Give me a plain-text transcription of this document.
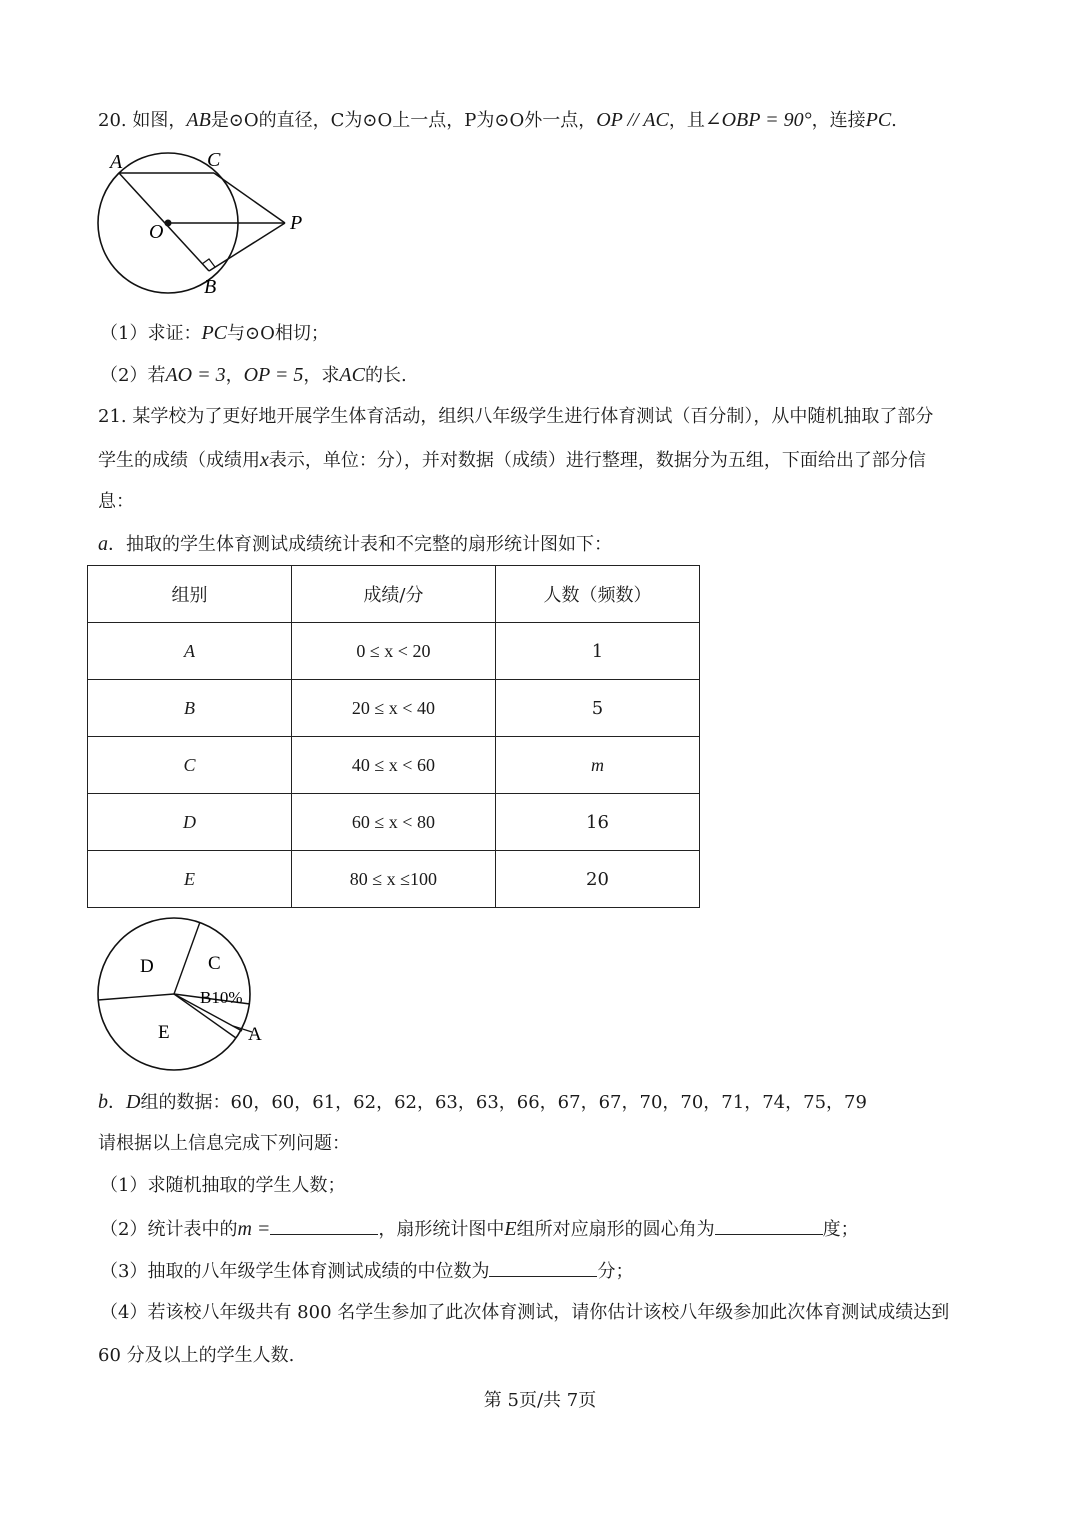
20. 如图，AB是⊙O的直径，C为⊙O上一点，P为⊙O外一点，OP // AC，且∠OBP = 90°，连接PC.
A	C
O	P
B
（1）求证：PC与⊙O相切；
（2）若AO = 3，OP = 5，求AC的长.
21. 某学校为了更好地开展学生体育活动，组织八年级学生进行体育测试（百分制），从中随机抽取了部分
学生的成绩（成绩用x表示，单位：分），并对数据（成绩）进行整理，数据分为五组，下面给出了部分信
息：
a．抽取的学生体育测试成绩统计表和不完整的扇形统计图如下：
组别	成绩/分	人数（频数）
A	0 ≤ x < 20	1
B	20 ≤ x < 40	5
C	40 ≤ x < 60	m
D	60 ≤ x < 80	16
E	80 ≤ x ≤100	20
D	C
B10%
E	A
b．D组的数据：60，60，61，62，62，63，63，66，67，67，70，70，71，74，75，79
请根据以上信息完成下列问题：
（1）求随机抽取的学生人数；
（2）统计表中的m =	，扇形统计图中E组所对应扇形的圆心角为	度；
（3）抽取的八年级学生体育测试成绩的中位数为	分；
（4）若该校八年级共有 800 名学生参加了此次体育测试，请你估计该校八年级参加此次体育测试成绩达到
60 分及以上的学生人数.
第 5页/共 7页
